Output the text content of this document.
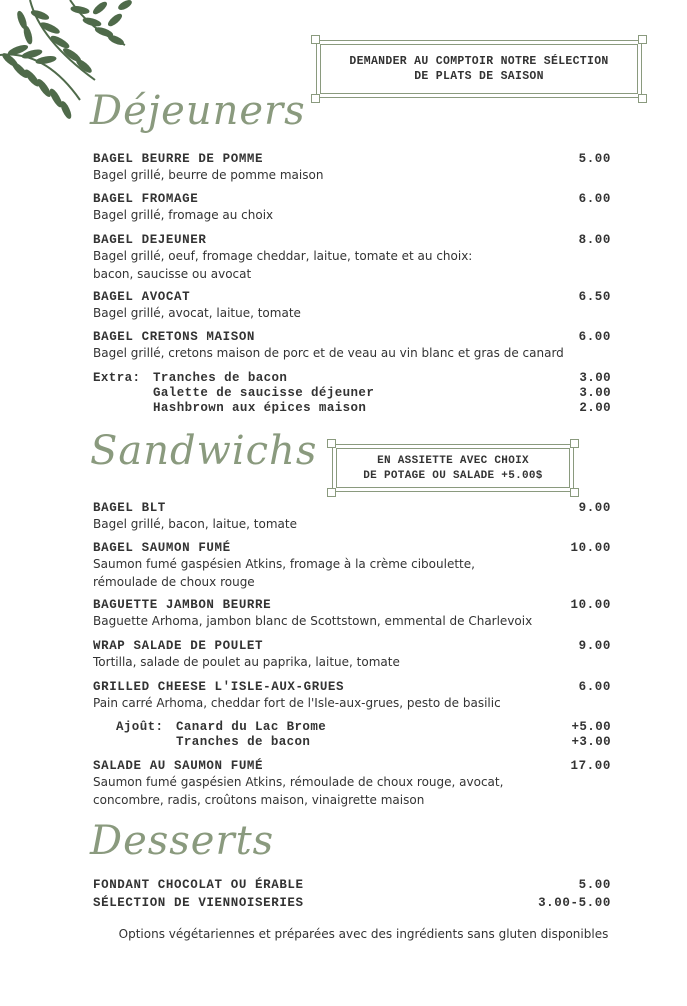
DEMANDER AU COMPTOIR NOTRE SÉLECTION
DE PLATS DE SAISON
Déjeuners
BAGEL BEURRE DE POMME	5.00
Bagel grillé, beurre de pomme maison
BAGEL FROMAGE	6.00
Bagel grillé, fromage au choix
BAGEL DEJEUNER	8.00
Bagel grillé, oeuf, fromage cheddar, laitue, tomate et au choix:
bacon, saucisse ou avocat
BAGEL AVOCAT	6.50
Bagel grillé, avocat, laitue, tomate
BAGEL CRETONS MAISON	6.00
Bagel grillé, cretons maison de porc et de veau au vin blanc et gras de canard
Extra: Tranches de bacon	3.00
Galette de saucisse déjeuner	3.00
Hashbrown aux épices maison	2.00
Sandwichs	EN ASSIETTE AVEC CHOIX
DE POTAGE OU SALADE +5.00$
BAGEL BLT	9.00
Bagel grillé, bacon, laitue, tomate
BAGEL SAUMON FUMÉ	10.00
Saumon fumé gaspésien Atkins, fromage à la crème ciboulette,
rémoulade de choux rouge
BAGUETTE JAMBON BEURRE	10.00
Baguette Arhoma, jambon blanc de Scottstown, emmental de Charlevoix
WRAP SALADE DE POULET	9.00
Tortilla, salade de poulet au paprika, laitue, tomate
GRILLED CHEESE L'ISLE-AUX-GRUES	6.00
Pain carré Arhoma, cheddar fort de l'Isle-aux-grues, pesto de basilic
Ajoût: Canard du Lac Brome	+5.00
Tranches de bacon	+3.00
SALADE AU SAUMON FUMÉ	17.00
Saumon fumé gaspésien Atkins, rémoulade de choux rouge, avocat,
concombre, radis, croûtons maison, vinaigrette maison
Desserts
FONDANT CHOCOLAT OU ÉRABLE	5.00
SÉLECTION DE VIENNOISERIES	3.00-5.00
Options végétariennes et préparées avec des ingrédients sans gluten disponibles
